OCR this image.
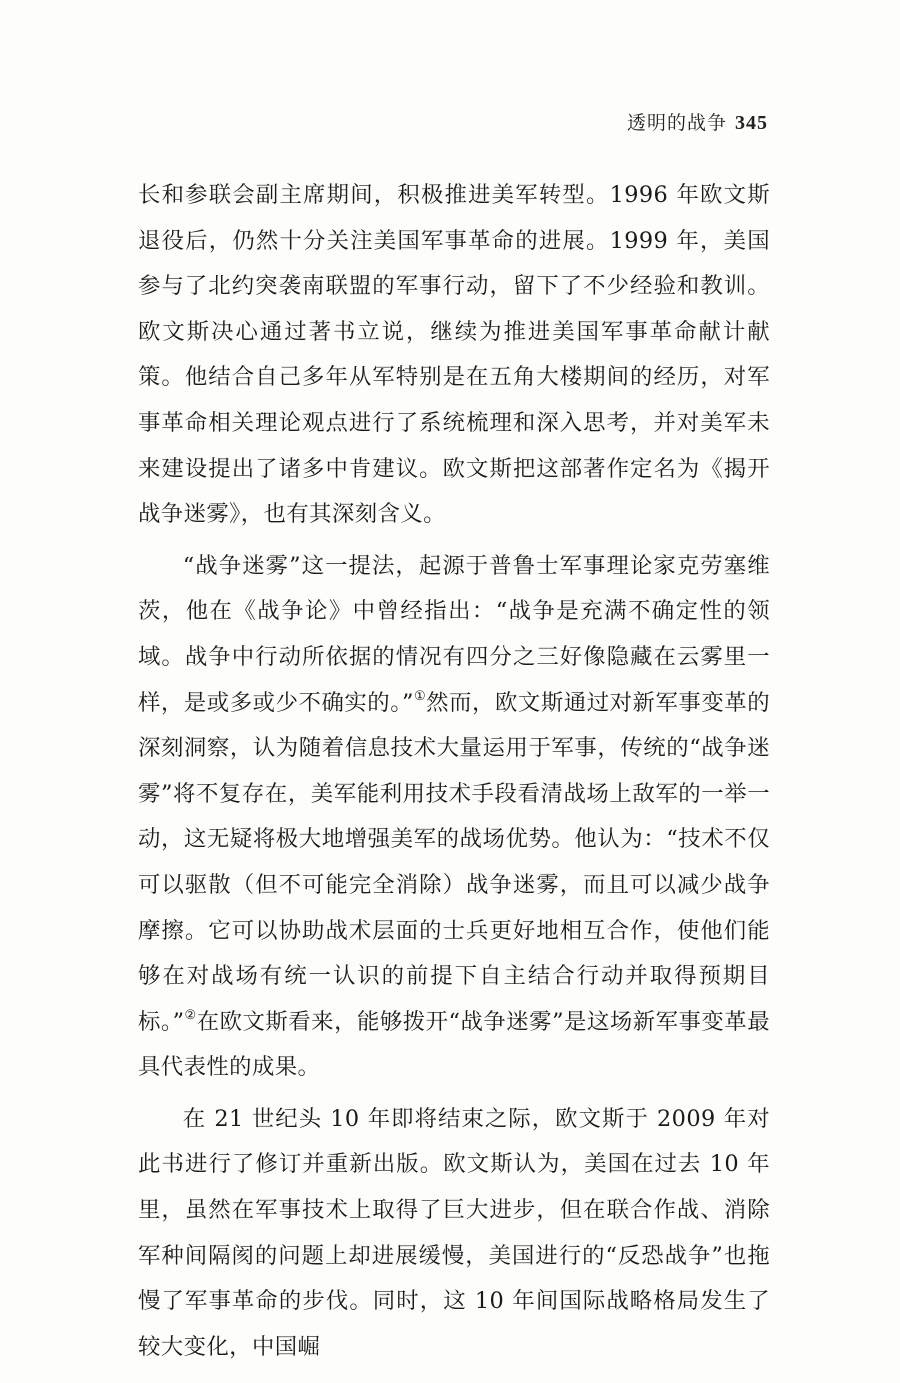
透明的战争 345

长和参联会副主席期间，积极推进美军转型。1996 年欧文斯退役后，仍然十分关注美国军事革命的进展。1999 年，美国参与了北约突袭南联盟的军事行动，留下了不少经验和教训。欧文斯决心通过著书立说，继续为推进美国军事革命献计献策。他结合自己多年从军特别是在五角大楼期间的经历，对军事革命相关理论观点进行了系统梳理和深入思考，并对美军未来建设提出了诸多中肯建议。欧文斯把这部著作定名为《揭开战争迷雾》，也有其深刻含义。

“战争迷雾”这一提法，起源于普鲁士军事理论家克劳塞维茨，他在《战争论》中曾经指出：“战争是充满不确定性的领域。战争中行动所依据的情况有四分之三好像隐藏在云雾里一样，是或多或少不确实的。”①然而，欧文斯通过对新军事变革的深刻洞察，认为随着信息技术大量运用于军事，传统的“战争迷雾”将不复存在，美军能利用技术手段看清战场上敌军的一举一动，这无疑将极大地增强美军的战场优势。他认为：“技术不仅可以驱散（但不可能完全消除）战争迷雾，而且可以减少战争摩擦。它可以协助战术层面的士兵更好地相互合作，使他们能够在对战场有统一认识的前提下自主结合行动并取得预期目标。”②在欧文斯看来，能够拨开“战争迷雾”是这场新军事变革最具代表性的成果。

在 21 世纪头 10 年即将结束之际，欧文斯于 2009 年对此书进行了修订并重新出版。欧文斯认为，美国在过去 10 年里，虽然在军事技术上取得了巨大进步，但在联合作战、消除军种间隔阂的问题上却进展缓慢，美国进行的“反恐战争”也拖慢了军事革命的步伐。同时，这 10 年间国际战略格局发生了较大变化，中国崛
